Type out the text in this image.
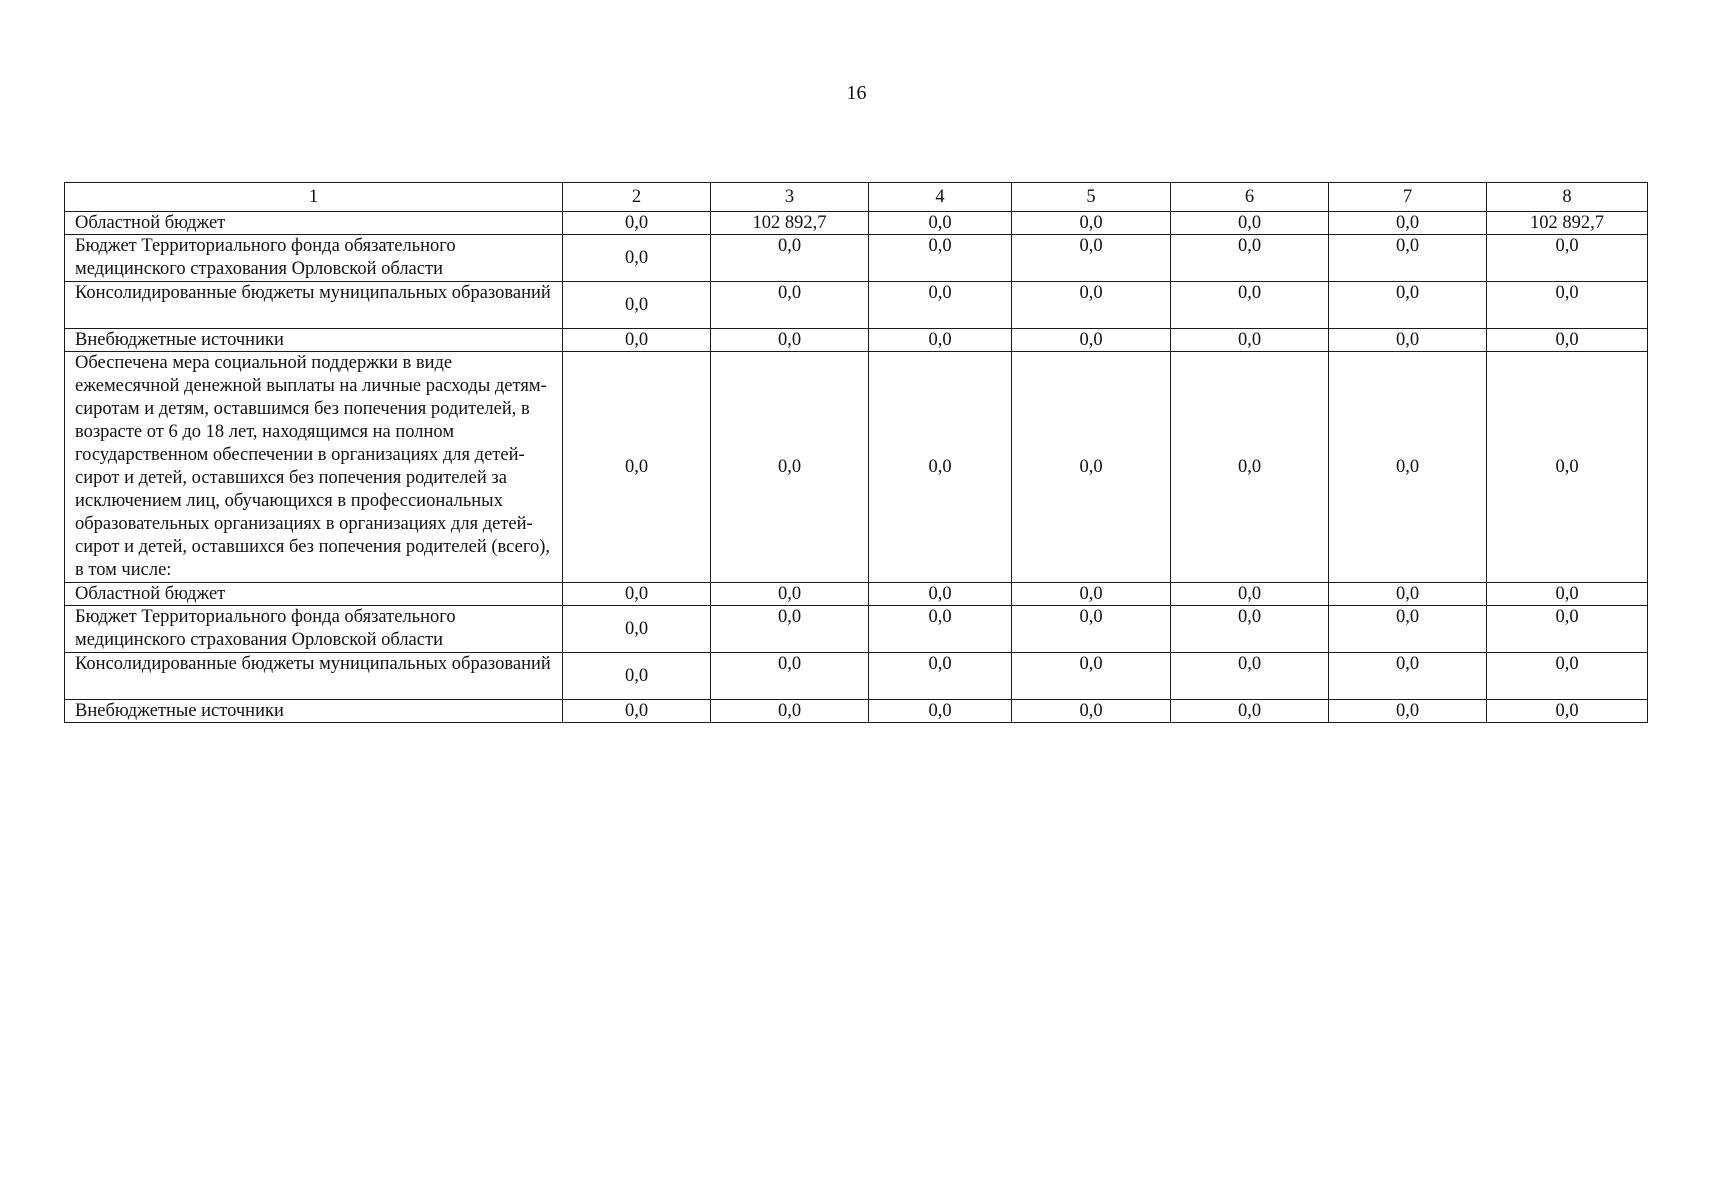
16
1	2	3	4	5	6	7	8
Областной бюджет	0,0	102 892,7	0,0	0,0	0,0	0,0	102 892,7
Бюджет Территориального фонда обязательного медицинского страхования Орловской области	0,0	0,0	0,0	0,0	0,0	0,0	0,0
Консолидированные бюджеты муниципальных образований	0,0	0,0	0,0	0,0	0,0	0,0	0,0
Внебюджетные источники	0,0	0,0	0,0	0,0	0,0	0,0	0,0
Обеспечена мера социальной поддержки в виде ежемесячной денежной выплаты на личные расходы детям-сиротам и детям, оставшимся без попечения родителей, в возрасте от 6 до 18 лет, находящимся на полном государственном обеспечении в организациях для детей-сирот и детей, оставшихся без попечения родителей за исключением лиц, обучающихся в профессиональных образовательных организациях в организациях для детей-сирот и детей, оставшихся без попечения родителей (всего), в том числе:	0,0	0,0	0,0	0,0	0,0	0,0	0,0
Областной бюджет	0,0	0,0	0,0	0,0	0,0	0,0	0,0
Бюджет Территориального фонда обязательного медицинского страхования Орловской области	0,0	0,0	0,0	0,0	0,0	0,0	0,0
Консолидированные бюджеты муниципальных образований	0,0	0,0	0,0	0,0	0,0	0,0	0,0
Внебюджетные источники	0,0	0,0	0,0	0,0	0,0	0,0	0,0
